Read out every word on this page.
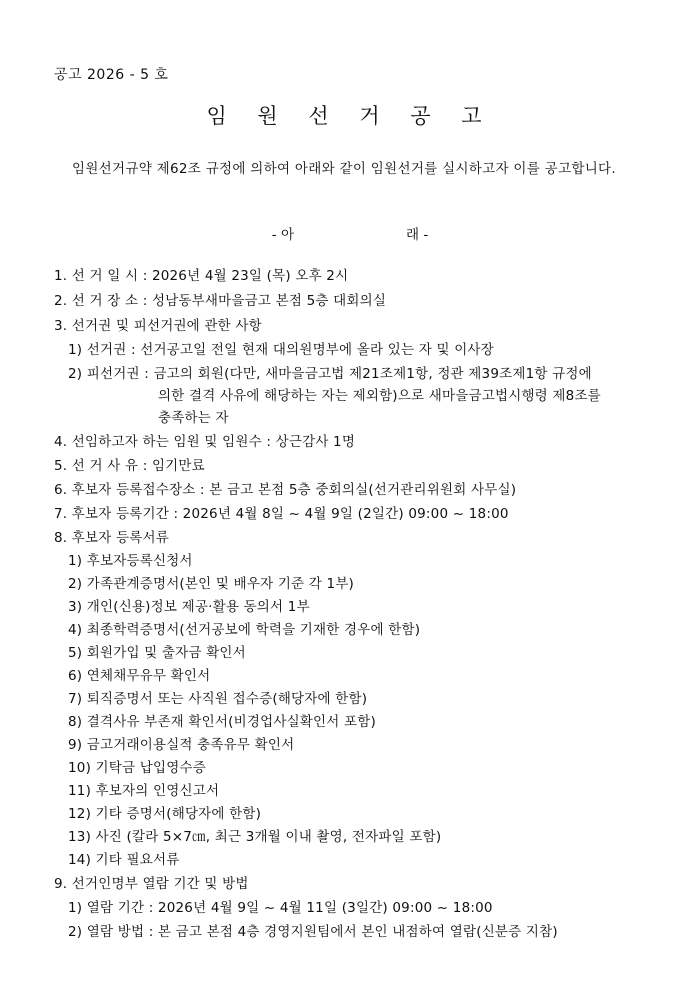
공고 2026 - 5 호
임 원 선 거 공 고
임원선거규약 제62조 규정에 의하여 아래와 같이 임원선거를 실시하고자 이를 공고합니다.
- 아	래 -
1. 선 거 일 시 : 2026년 4월 23일 (목) 오후 2시
2. 선 거 장 소 : 성남동부새마을금고 본점 5층 대회의실
3. 선거권 및 피선거권에 관한 사항
1) 선거권 : 선거공고일 전일 현재 대의원명부에 올라 있는 자 및 이사장
2) 피선거권 : 금고의 회원(다만, 새마을금고법 제21조제1항, 정관 제39조제1항 규정에
의한 결격 사유에 해당하는 자는 제외함)으로 새마을금고법시행령 제8조를
충족하는 자
4. 선임하고자 하는 임원 및 임원수 : 상근감사 1명
5. 선 거 사 유 : 임기만료
6. 후보자 등록접수장소 : 본 금고 본점 5층 중회의실(선거관리위원회 사무실)
7. 후보자 등록기간 : 2026년 4월 8일 ~ 4월 9일 (2일간) 09:00 ~ 18:00
8. 후보자 등록서류
1) 후보자등록신청서
2) 가족관계증명서(본인 및 배우자 기준 각 1부)
3) 개인(신용)정보 제공·활용 동의서 1부
4) 최종학력증명서(선거공보에 학력을 기재한 경우에 한함)
5) 회원가입 및 출자금 확인서
6) 연체채무유무 확인서
7) 퇴직증명서 또는 사직원 접수증(해당자에 한함)
8) 결격사유 부존재 확인서(비경업사실확인서 포함)
9) 금고거래이용실적 충족유무 확인서
10) 기탁금 납입영수증
11) 후보자의 인영신고서
12) 기타 증명서(해당자에 한함)
13) 사진 (칼라 5×7㎝, 최근 3개월 이내 촬영, 전자파일 포함)
14) 기타 필요서류
9. 선거인명부 열람 기간 및 방법
1) 열람 기간 : 2026년 4월 9일 ~ 4월 11일 (3일간) 09:00 ~ 18:00
2) 열람 방법 : 본 금고 본점 4층 경영지원팀에서 본인 내점하여 열람(신분증 지참)
